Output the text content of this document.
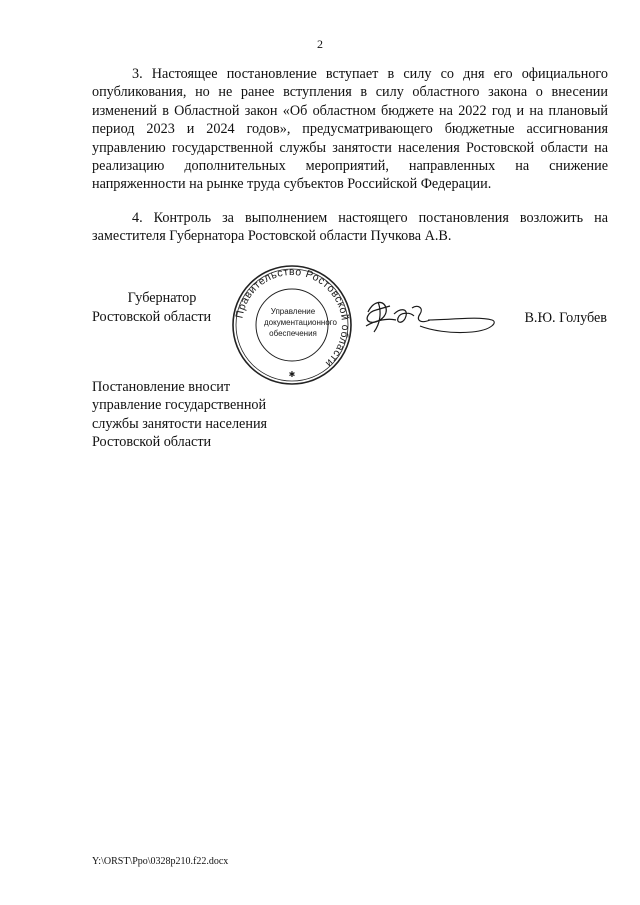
2

3. Настоящее постановление вступает в силу со дня его официального опубликования, но не ранее вступления в силу областного закона о внесении изменений в Областной закон «Об областном бюджете на 2022 год и на плановый период 2023 и 2024 годов», предусматривающего бюджетные ассигнования управлению государственной службы занятости населения Ростовской области на реализацию дополнительных мероприятий, направленных на снижение напряженности на рынке труда субъектов Российской Федерации.

4. Контроль за выполнением настоящего постановления возложить на заместителя Губернатора Ростовской области Пучкова А.В.

Губернатор
Ростовской области	Правительство Ростовской области
✱
Управление
документационного
обеспечения
В.Ю. Голубев
Постановление вносит
управление государственной
службы занятости населения
Ростовской области
Y:\ORST\Ppo\0328p210.f22.docx
